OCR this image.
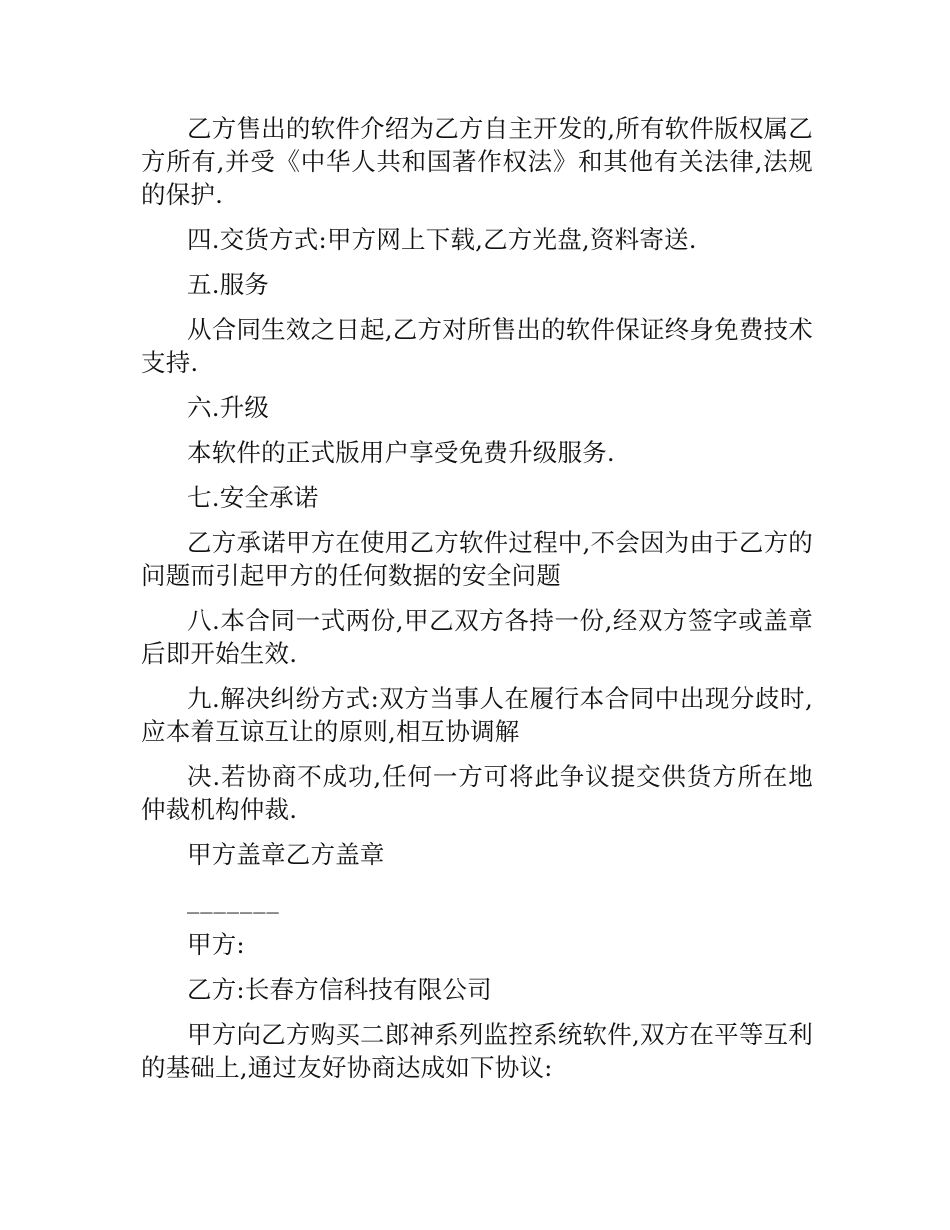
乙方售出的软件介绍为乙方自主开发的,所有软件版权属乙方所有,并受《中华人共和国著作权法》和其他有关法律,法规的保护.

四.交货方式:甲方网上下载,乙方光盘,资料寄送.

五.服务

从合同生效之日起,乙方对所售出的软件保证终身免费技术支持.

六.升级

本软件的正式版用户享受免费升级服务.

七.安全承诺

乙方承诺甲方在使用乙方软件过程中,不会因为由于乙方的问题而引起甲方的任何数据的安全问题

八.本合同一式两份,甲乙双方各持一份,经双方签字或盖章后即开始生效.

九.解决纠纷方式:双方当事人在履行本合同中出现分歧时,应本着互谅互让的原则,相互协调解

决.若协商不成功,任何一方可将此争议提交供货方所在地仲裁机构仲裁.

甲方盖章乙方盖章

_______

甲方:

乙方:长春方信科技有限公司

甲方向乙方购买二郎神系列监控系统软件,双方在平等互利的基础上,通过友好协商达成如下协议:
